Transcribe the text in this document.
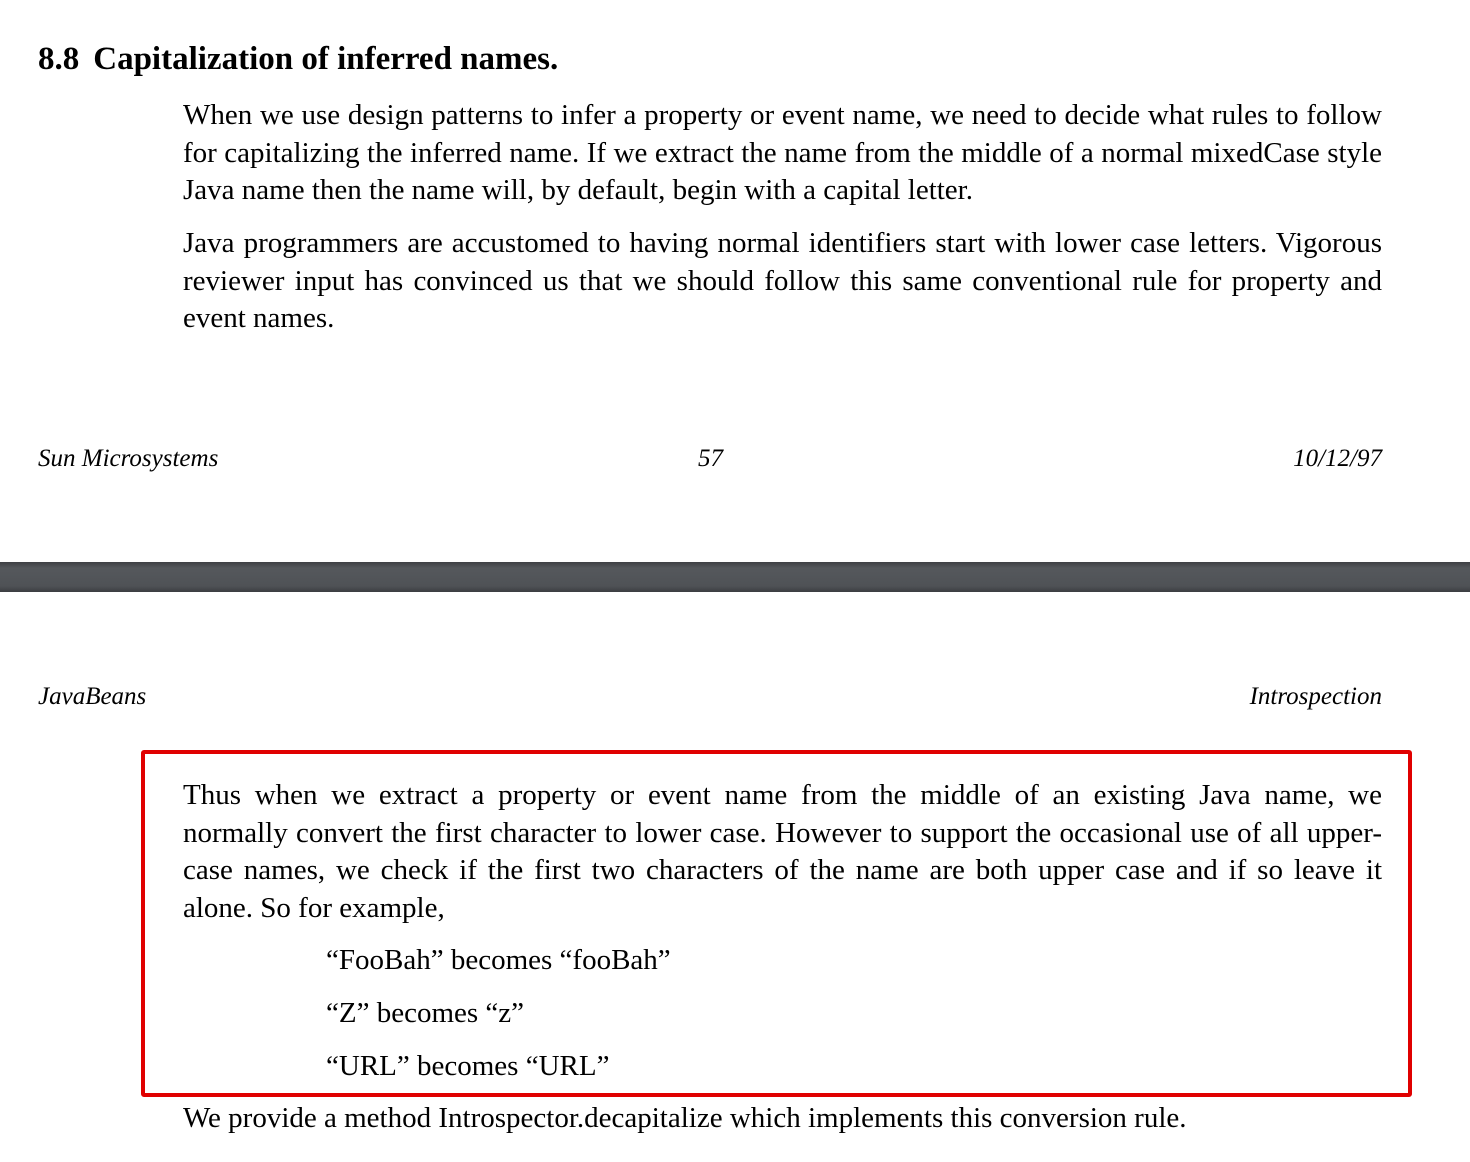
8.8 Capitalization of inferred names.

When we use design patterns to infer a property or event name, we need to decide what rules to follow for capitalizing the inferred name. If we extract the name from the middle of a normal mixedCase style Java name then the name will, by default, begin with a capital letter.

Java programmers are accustomed to having normal identifiers start with lower case letters. Vigorous reviewer input has convinced us that we should follow this same conventional rule for property and event names.

Sun Microsystems	57	10/12/97
JavaBeans	Introspection

Thus when we extract a property or event name from the middle of an existing Java name, we normally convert the first character to lower case. However to support the occasional use of all upper-case names, we check if the first two characters of the name are both upper case and if so leave it alone. So for example,

“FooBah” becomes “fooBah”

“Z” becomes “z”

“URL” becomes “URL”

We provide a method Introspector.decapitalize which implements this conversion rule.
